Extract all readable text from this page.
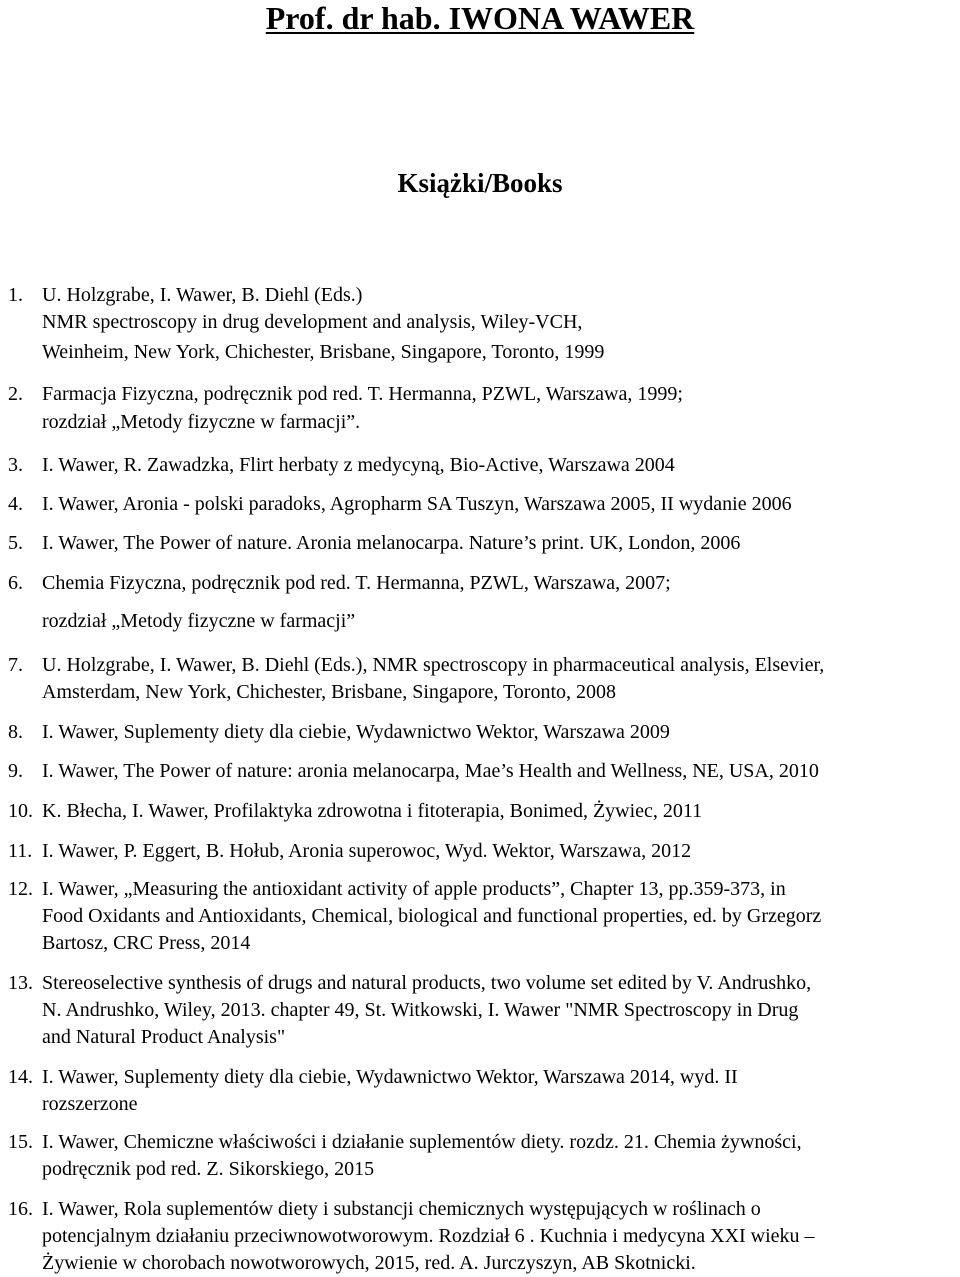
Prof. dr hab. IWONA WAWER
Książki/Books
1. U. Holzgrabe, I. Wawer, B. Diehl (Eds.)
NMR spectroscopy in drug development and analysis, Wiley-VCH,
Weinheim, New York, Chichester, Brisbane, Singapore, Toronto, 1999
2. Farmacja Fizyczna, podręcznik pod red. T. Hermanna, PZWL, Warszawa, 1999;
rozdział „Metody fizyczne w farmacji”.
3. I. Wawer, R. Zawadzka, Flirt herbaty z medycyną, Bio-Active, Warszawa 2004
4. I. Wawer, Aronia - polski paradoks, Agropharm SA Tuszyn, Warszawa 2005, II wydanie 2006
5. I. Wawer, The Power of nature. Aronia melanocarpa. Nature’s print. UK, London, 2006
6. Chemia Fizyczna, podręcznik pod red. T. Hermanna, PZWL, Warszawa, 2007;
rozdział „Metody fizyczne w farmacji”
7. U. Holzgrabe, I. Wawer, B. Diehl (Eds.), NMR spectroscopy in pharmaceutical analysis, Elsevier,
Amsterdam, New York, Chichester, Brisbane, Singapore, Toronto, 2008
8. I. Wawer, Suplementy diety dla ciebie, Wydawnictwo Wektor, Warszawa 2009
9. I. Wawer, The Power of nature: aronia melanocarpa, Mae’s Health and Wellness, NE, USA, 2010
10. K. Błecha, I. Wawer, Profilaktyka zdrowotna i fitoterapia, Bonimed, Żywiec, 2011
11. I. Wawer, P. Eggert, B. Hołub, Aronia superowoc, Wyd. Wektor, Warszawa, 2012
12. I. Wawer, „Measuring the antioxidant activity of apple products”, Chapter 13, pp.359-373, in
Food Oxidants and Antioxidants, Chemical, biological and functional properties, ed. by Grzegorz
Bartosz, CRC Press, 2014
13. Stereoselective synthesis of drugs and natural products, two volume set edited by V. Andrushko,
N. Andrushko, Wiley, 2013. chapter 49, St. Witkowski, I. Wawer "NMR Spectroscopy in Drug
and Natural Product Analysis"
14. I. Wawer, Suplementy diety dla ciebie, Wydawnictwo Wektor, Warszawa 2014, wyd. II
rozszerzone
15. I. Wawer, Chemiczne właściwości i działanie suplementów diety. rozdz. 21. Chemia żywności,
podręcznik pod red. Z. Sikorskiego, 2015
16. I. Wawer, Rola suplementów diety i substancji chemicznych występujących w roślinach o
potencjalnym działaniu przeciwnowotworowym. Rozdział 6 . Kuchnia i medycyna XXI wieku –
Żywienie w chorobach nowotworowych, 2015, red. A. Jurczyszyn, AB Skotnicki.
